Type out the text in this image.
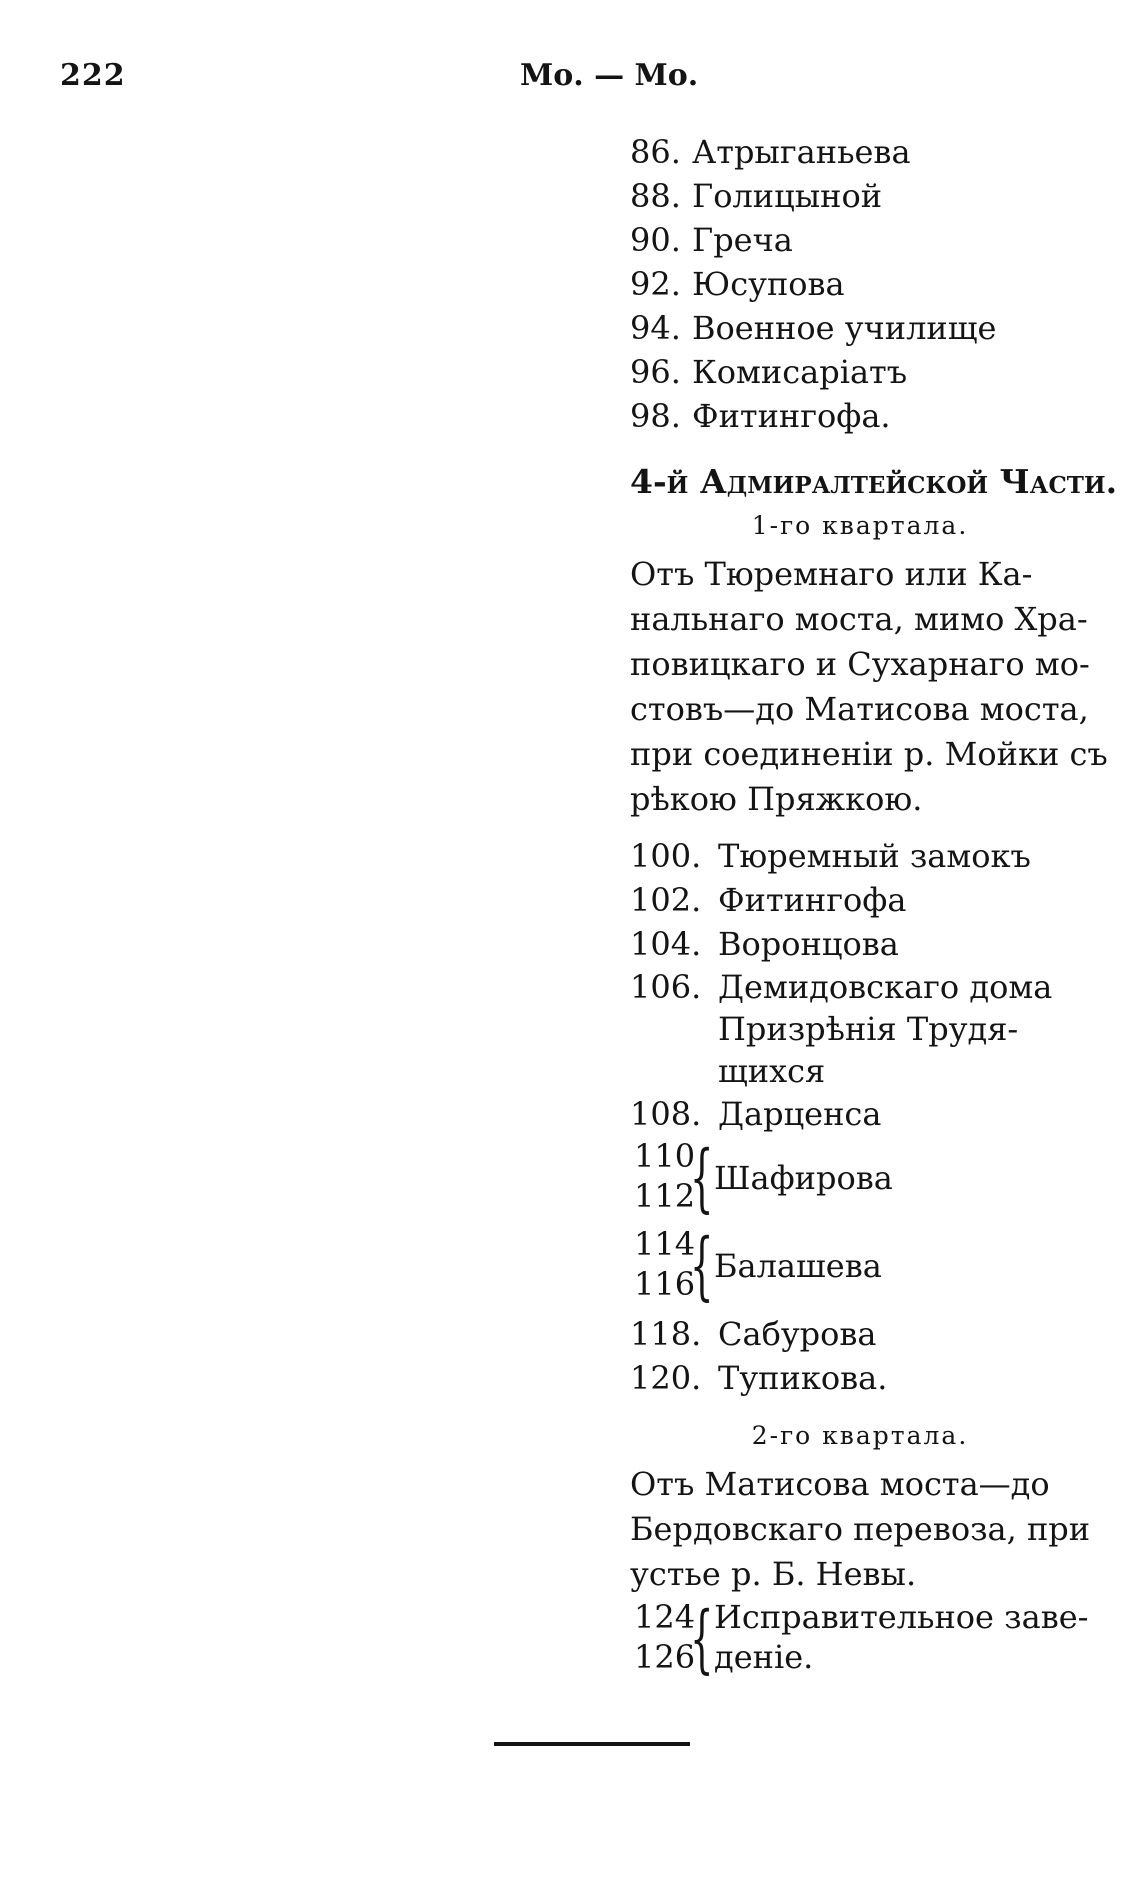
222	Мо. — Мо.
86. Атрыганьева
88. Голицыной
90. Греча
92. Юсупова
94. Военное училище
96. Комисаріатъ
98. Фитингофа.
4-й Адмиралтейской Части.
1-го квартала.
Отъ Тюремнаго или Ка-
нальнаго моста, мимо Хра-
повицкаго и Сухарнаго мо-
стовъ—до Матисова моста,
при соединеніи р. Мойки съ
рѣкою Пряжкою.
100. Тюремный замокъ
102. Фитингофа
104. Воронцова
106. Демидовскаго дома
Призрѣнія Трудя-
щихся
108. Дарценса
110
112
{ Шафирова
114
116
{ Балашева
118. Сабурова
120. Тупикова.
2-го квартала.
Отъ Матисова моста—до
Бердовскаго перевоза, при
устье р. Б. Невы.
124
126
{ Исправительное заве-
деніе.
